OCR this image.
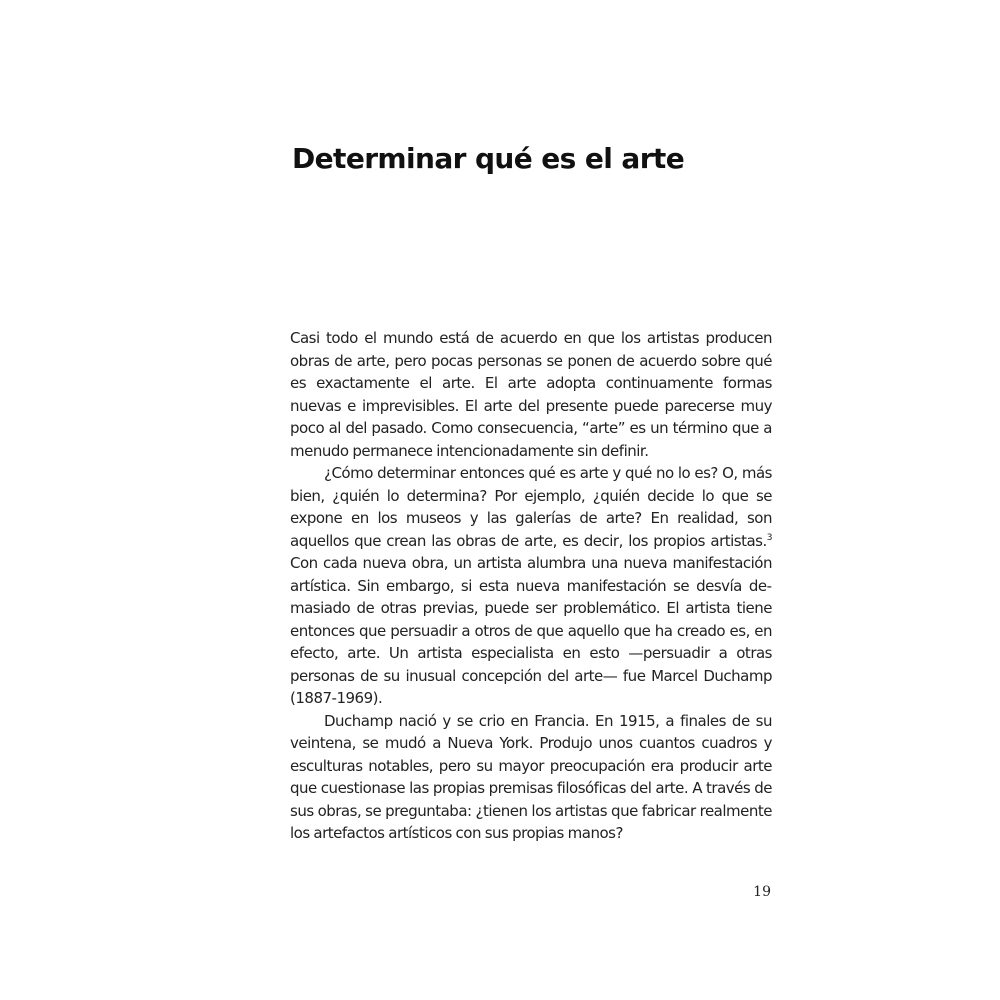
Determinar qué es el arte

Casi todo el mundo está de acuerdo en que los artistas producen obras de arte, pero pocas personas se ponen de acuerdo sobre qué es exactamente el arte. El arte adopta continuamente formas nuevas e imprevisibles. El arte del presente puede parecerse muy poco al del pasado. Como consecuencia, “arte” es un término que a menudo permanece intencionadamente sin definir.

¿Cómo determinar entonces qué es arte y qué no lo es? O, más bien, ¿quién lo determina? Por ejemplo, ¿quién decide lo que se expone en los museos y las galerías de arte? En realidad, son aquellos que crean las obras de arte, es decir, los propios artistas.$^3$ Con cada nueva obra, un artista alumbra una nueva manifestación artística. Sin embargo, si esta nueva manifestación se desvía demasiado de otras previas, puede ser problemático. El artista tiene entonces que persuadir a otros de que aquello que ha creado es, en efecto, arte. Un artista especialista en esto —persuadir a otras personas de su inusual concepción del arte— fue Marcel Duchamp (1887-1969).

Duchamp nació y se crio en Francia. En 1915, a finales de su veintena, se mudó a Nueva York. Produjo unos cuantos cuadros y esculturas notables, pero su mayor preocupación era producir arte que cuestionase las propias premisas filosóficas del arte. A través de sus obras, se preguntaba: ¿tienen los artistas que fabricar realmente los artefactos artísticos con sus propias manos?

19
